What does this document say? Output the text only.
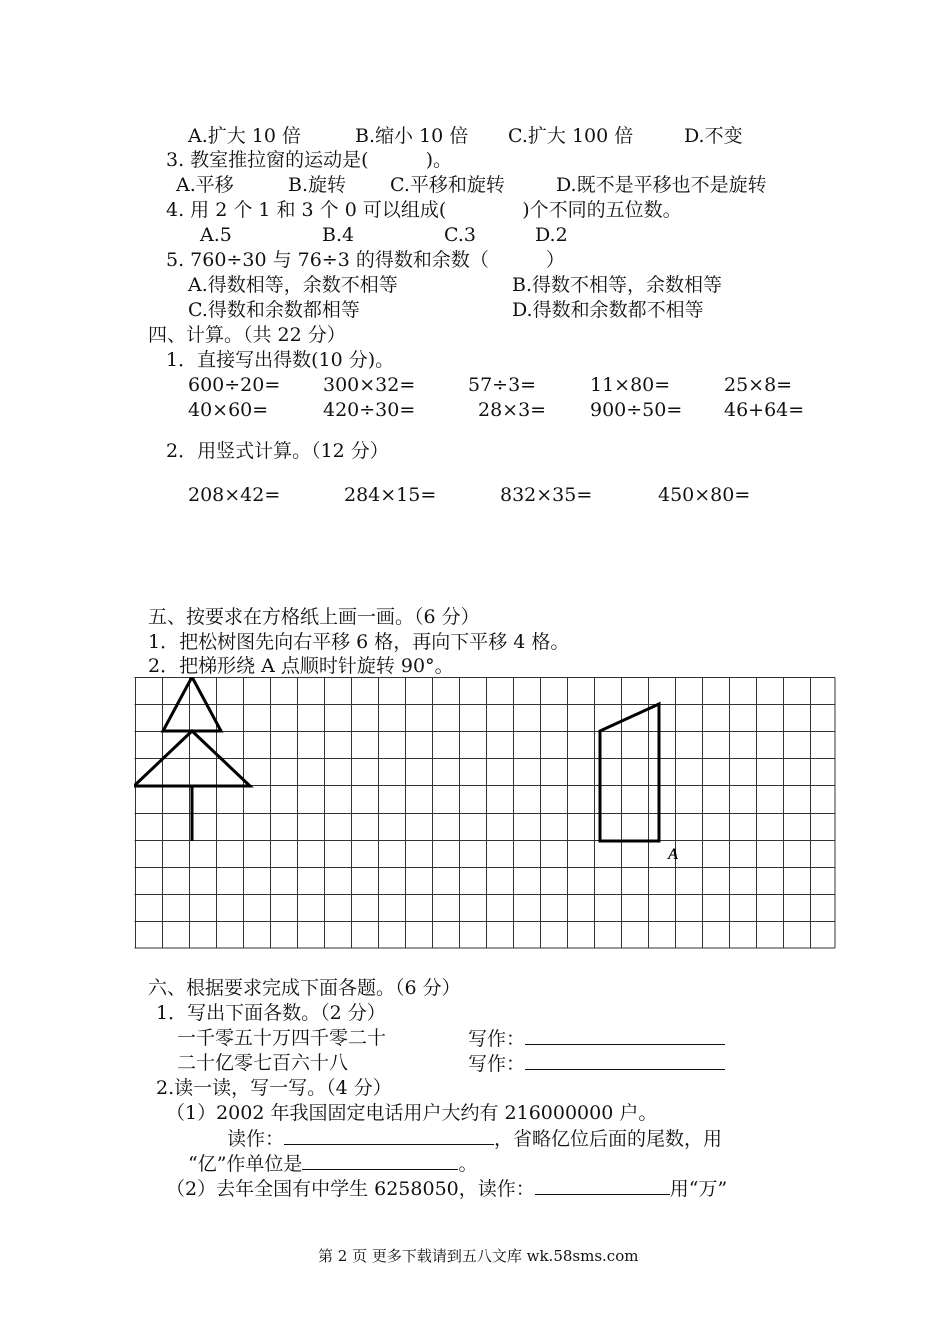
A.扩大 10 倍	B.缩小 10 倍 C.扩大 100 倍	D.不变
3. 教室推拉窗的运动是(　　　)。
A.平移	B.旋转 C.平移和旋转	D.既不是平移也不是旋转
4. 用 2 个 1 和 3 个 0 可以组成(　　　　)个不同的五位数。
A.5	B.4	C.3	D.2
5. 760÷30 与 76÷3 的得数和余数（　　　）
A.得数相等，余数不相等	B.得数不相等，余数相等
C.得数和余数都相等	D.得数和余数都不相等
四、计算。（共 22 分）
1．直接写出得数(10 分)。
600÷20= 300×32=	57÷3=	11×80=	25×8=
40×60=	420÷30=	28×3= 900÷50= 46+64=
2．用竖式计算。（12 分）
208×42=	284×15=	832×35=	450×80=
五、按要求在方格纸上画一画。（6 分）
1．把松树图先向右平移 6 格，再向下平移 4 格。
2．把梯形绕 A 点顺时针旋转 90°。
A
六、根据要求完成下面各题。（6 分）
1．写出下面各数。（2 分）
一千零五十万四千零二十	写作：
二十亿零七百六十八	写作：
2.读一读，写一写。（4 分）
（1）2002 年我国固定电话用户大约有 216000000 户。
读作：	，省略亿位后面的尾数，用
“亿”作单位是	。
（2）去年全国有中学生 6258050，读作：	用“万”
第 2 页 更多下载请到五八文库 wk.58sms.com
